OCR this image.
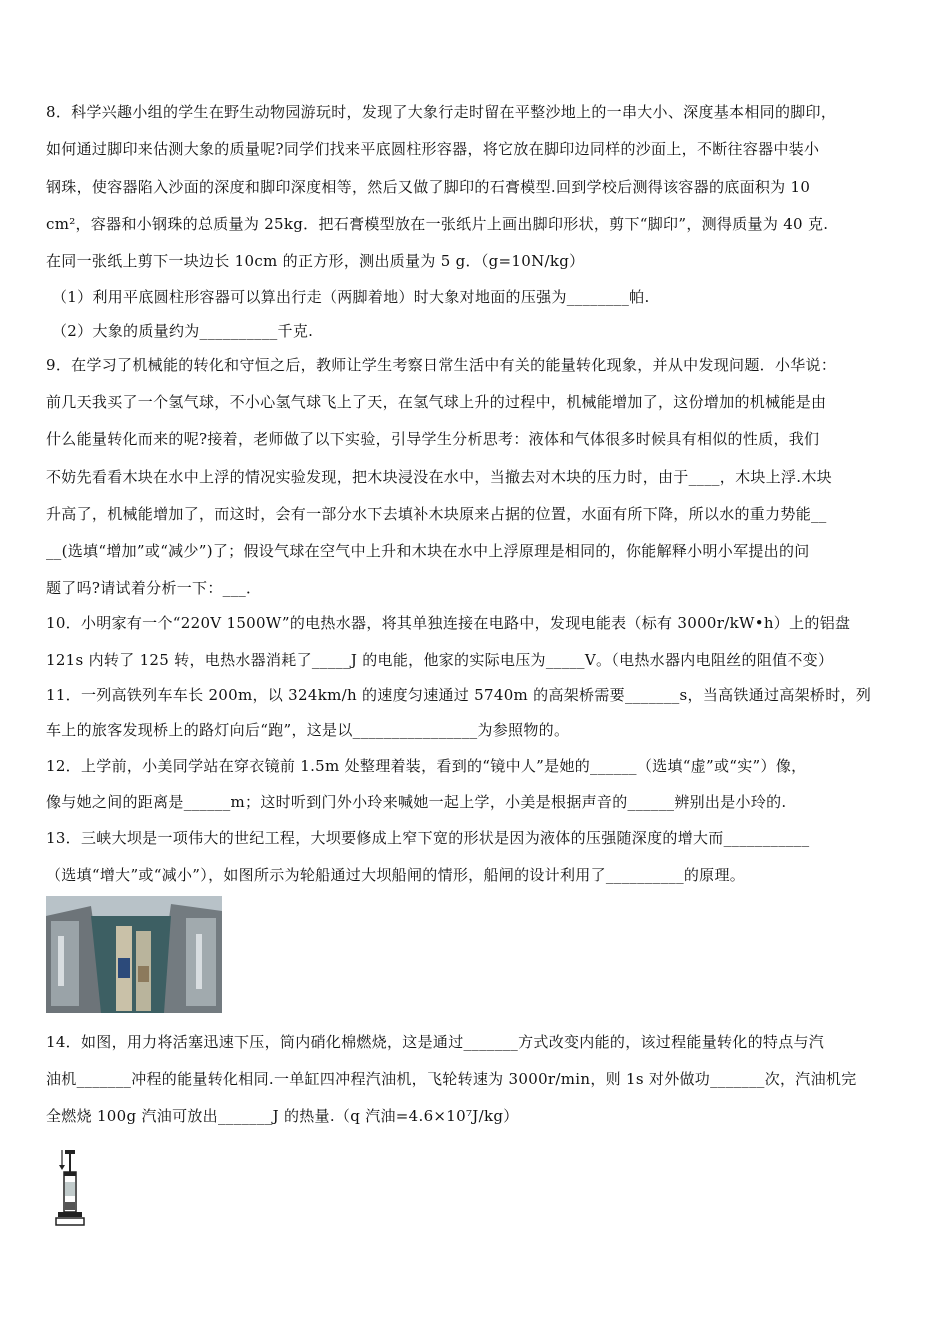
8．科学兴趣小组的学生在野生动物园游玩时，发现了大象行走时留在平整沙地上的一串大小、深度基本相同的脚印，
如何通过脚印来估测大象的质量呢?同学们找来平底圆柱形容器，将它放在脚印边同样的沙面上，不断往容器中装小
钢珠，使容器陷入沙面的深度和脚印深度相等，然后又做了脚印的石膏模型.回到学校后测得该容器的底面积为 10
cm²，容器和小钢珠的总质量为 25kg．把石膏模型放在一张纸片上画出脚印形状，剪下“脚印”，测得质量为 40 克.
在同一张纸上剪下一块边长 10cm 的正方形，测出质量为 5 g．（g=10N/kg）
（1）利用平底圆柱形容器可以算出行走（两脚着地）时大象对地面的压强为________帕.
（2）大象的质量约为__________千克.
9．在学习了机械能的转化和守恒之后，教师让学生考察日常生活中有关的能量转化现象，并从中发现问题．小华说：
前几天我买了一个氢气球，不小心氢气球飞上了天，在氢气球上升的过程中，机械能增加了，这份增加的机械能是由
什么能量转化而来的呢?接着，老师做了以下实验，引导学生分析思考：液体和气体很多时候具有相似的性质，我们
不妨先看看木块在水中上浮的情况实验发现，把木块浸没在水中，当撤去对木块的压力时，由于____，木块上浮.木块
升高了，机械能增加了，而这时，会有一部分水下去填补木块原来占据的位置，水面有所下降，所以水的重力势能__
__(选填“增加”或“减少”)了；假设气球在空气中上升和木块在水中上浮原理是相同的，你能解释小明小军提出的问
题了吗?请试着分析一下：___．
10．小明家有一个“220V 1500W”的电热水器，将其单独连接在电路中，发现电能表（标有 3000r/kW•h）上的铝盘
121s 内转了 125 转，电热水器消耗了_____J 的电能，他家的实际电压为_____V。（电热水器内电阻丝的阻值不变）
11．一列高铁列车车长 200m，以 324km/h 的速度匀速通过 5740m 的高架桥需要_______s，当高铁通过高架桥时，列
车上的旅客发现桥上的路灯向后“跑”，这是以________________为参照物的。
12．上学前，小美同学站在穿衣镜前 1.5m 处整理着装，看到的“镜中人”是她的______（选填“虚”或“实”）像，
像与她之间的距离是______m；这时听到门外小玲来喊她一起上学，小美是根据声音的______辨别出是小玲的.
13．三峡大坝是一项伟大的世纪工程，大坝要修成上窄下宽的形状是因为液体的压强随深度的增大而___________
（选填“增大”或“减小”），如图所示为轮船通过大坝船闸的情形，船闸的设计利用了__________的原理。
14．如图，用力将活塞迅速下压，筒内硝化棉燃烧，这是通过_______方式改变内能的，该过程能量转化的特点与汽
油机_______冲程的能量转化相同.一单缸四冲程汽油机，飞轮转速为 3000r/min，则 1s 对外做功_______次，汽油机完
全燃烧 100g 汽油可放出_______J 的热量.（q 汽油=4.6×10⁷J/kg）
